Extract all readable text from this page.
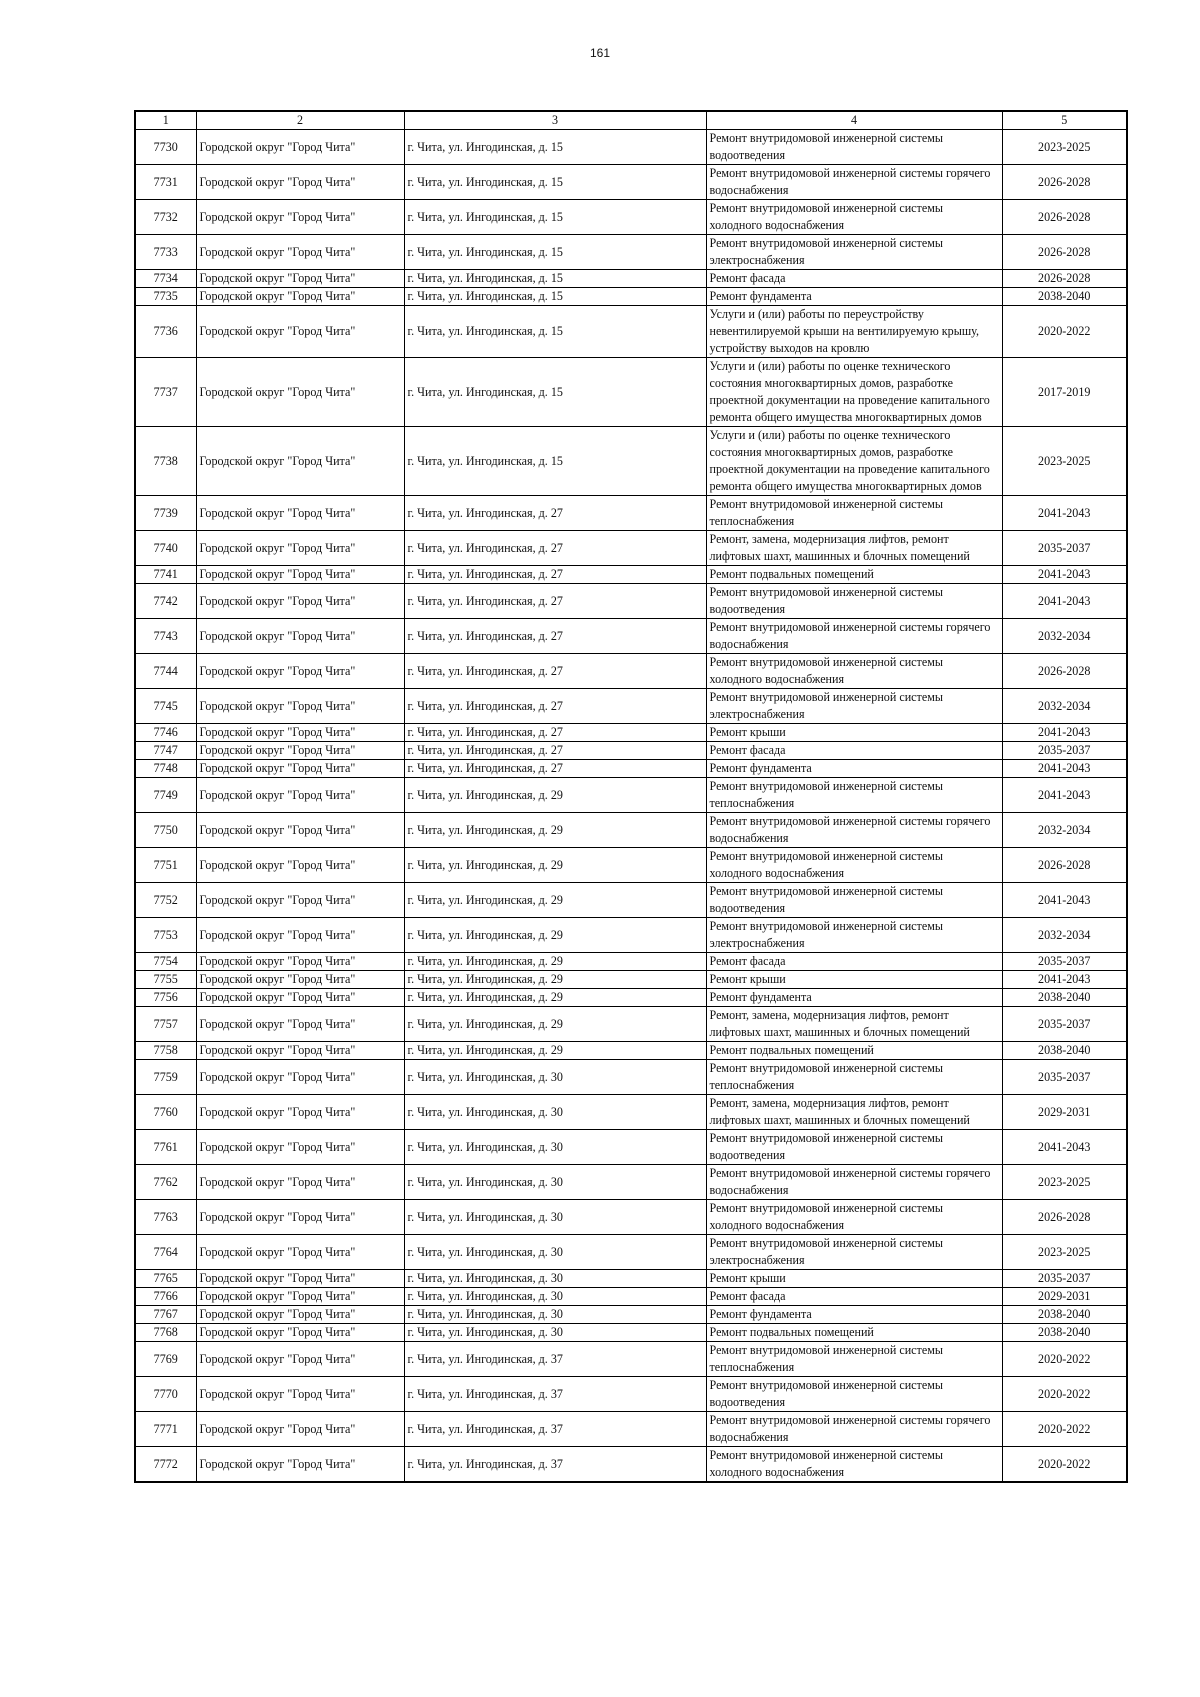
161
1	2	3	4	5
7730	Городской округ "Город Чита"	г. Чита, ул. Ингодинская, д. 15	Ремонт внутридомовой инженерной системы водоотведения	2023-2025
7731	Городской округ "Город Чита"	г. Чита, ул. Ингодинская, д. 15	Ремонт внутридомовой инженерной системы горячего водоснабжения	2026-2028
7732	Городской округ "Город Чита"	г. Чита, ул. Ингодинская, д. 15	Ремонт внутридомовой инженерной системы холодного водоснабжения	2026-2028
7733	Городской округ "Город Чита"	г. Чита, ул. Ингодинская, д. 15	Ремонт внутридомовой инженерной системы электроснабжения	2026-2028
7734	Городской округ "Город Чита"	г. Чита, ул. Ингодинская, д. 15	Ремонт фасада	2026-2028
7735	Городской округ "Город Чита"	г. Чита, ул. Ингодинская, д. 15	Ремонт фундамента	2038-2040
7736	Городской округ "Город Чита"	г. Чита, ул. Ингодинская, д. 15	Услуги и (или) работы по переустройству невентилируемой крыши на вентилируемую крышу, устройству выходов на кровлю	2020-2022
7737	Городской округ "Город Чита"	г. Чита, ул. Ингодинская, д. 15	Услуги и (или) работы по оценке технического состояния многоквартирных домов, разработке проектной документации на проведение капитального ремонта общего имущества многоквартирных домов	2017-2019
7738	Городской округ "Город Чита"	г. Чита, ул. Ингодинская, д. 15	Услуги и (или) работы по оценке технического состояния многоквартирных домов, разработке проектной документации на проведение капитального ремонта общего имущества многоквартирных домов	2023-2025
7739	Городской округ "Город Чита"	г. Чита, ул. Ингодинская, д. 27	Ремонт внутридомовой инженерной системы теплоснабжения	2041-2043
7740	Городской округ "Город Чита"	г. Чита, ул. Ингодинская, д. 27	Ремонт, замена, модернизация лифтов, ремонт лифтовых шахт, машинных и блочных помещений	2035-2037
7741	Городской округ "Город Чита"	г. Чита, ул. Ингодинская, д. 27	Ремонт подвальных помещений	2041-2043
7742	Городской округ "Город Чита"	г. Чита, ул. Ингодинская, д. 27	Ремонт внутридомовой инженерной системы водоотведения	2041-2043
7743	Городской округ "Город Чита"	г. Чита, ул. Ингодинская, д. 27	Ремонт внутридомовой инженерной системы горячего водоснабжения	2032-2034
7744	Городской округ "Город Чита"	г. Чита, ул. Ингодинская, д. 27	Ремонт внутридомовой инженерной системы холодного водоснабжения	2026-2028
7745	Городской округ "Город Чита"	г. Чита, ул. Ингодинская, д. 27	Ремонт внутридомовой инженерной системы электроснабжения	2032-2034
7746	Городской округ "Город Чита"	г. Чита, ул. Ингодинская, д. 27	Ремонт крыши	2041-2043
7747	Городской округ "Город Чита"	г. Чита, ул. Ингодинская, д. 27	Ремонт фасада	2035-2037
7748	Городской округ "Город Чита"	г. Чита, ул. Ингодинская, д. 27	Ремонт фундамента	2041-2043
7749	Городской округ "Город Чита"	г. Чита, ул. Ингодинская, д. 29	Ремонт внутридомовой инженерной системы теплоснабжения	2041-2043
7750	Городской округ "Город Чита"	г. Чита, ул. Ингодинская, д. 29	Ремонт внутридомовой инженерной системы горячего водоснабжения	2032-2034
7751	Городской округ "Город Чита"	г. Чита, ул. Ингодинская, д. 29	Ремонт внутридомовой инженерной системы холодного водоснабжения	2026-2028
7752	Городской округ "Город Чита"	г. Чита, ул. Ингодинская, д. 29	Ремонт внутридомовой инженерной системы водоотведения	2041-2043
7753	Городской округ "Город Чита"	г. Чита, ул. Ингодинская, д. 29	Ремонт внутридомовой инженерной системы электроснабжения	2032-2034
7754	Городской округ "Город Чита"	г. Чита, ул. Ингодинская, д. 29	Ремонт фасада	2035-2037
7755	Городской округ "Город Чита"	г. Чита, ул. Ингодинская, д. 29	Ремонт крыши	2041-2043
7756	Городской округ "Город Чита"	г. Чита, ул. Ингодинская, д. 29	Ремонт фундамента	2038-2040
7757	Городской округ "Город Чита"	г. Чита, ул. Ингодинская, д. 29	Ремонт, замена, модернизация лифтов, ремонт лифтовых шахт, машинных и блочных помещений	2035-2037
7758	Городской округ "Город Чита"	г. Чита, ул. Ингодинская, д. 29	Ремонт подвальных помещений	2038-2040
7759	Городской округ "Город Чита"	г. Чита, ул. Ингодинская, д. 30	Ремонт внутридомовой инженерной системы теплоснабжения	2035-2037
7760	Городской округ "Город Чита"	г. Чита, ул. Ингодинская, д. 30	Ремонт, замена, модернизация лифтов, ремонт лифтовых шахт, машинных и блочных помещений	2029-2031
7761	Городской округ "Город Чита"	г. Чита, ул. Ингодинская, д. 30	Ремонт внутридомовой инженерной системы водоотведения	2041-2043
7762	Городской округ "Город Чита"	г. Чита, ул. Ингодинская, д. 30	Ремонт внутридомовой инженерной системы горячего водоснабжения	2023-2025
7763	Городской округ "Город Чита"	г. Чита, ул. Ингодинская, д. 30	Ремонт внутридомовой инженерной системы холодного водоснабжения	2026-2028
7764	Городской округ "Город Чита"	г. Чита, ул. Ингодинская, д. 30	Ремонт внутридомовой инженерной системы электроснабжения	2023-2025
7765	Городской округ "Город Чита"	г. Чита, ул. Ингодинская, д. 30	Ремонт крыши	2035-2037
7766	Городской округ "Город Чита"	г. Чита, ул. Ингодинская, д. 30	Ремонт фасада	2029-2031
7767	Городской округ "Город Чита"	г. Чита, ул. Ингодинская, д. 30	Ремонт фундамента	2038-2040
7768	Городской округ "Город Чита"	г. Чита, ул. Ингодинская, д. 30	Ремонт подвальных помещений	2038-2040
7769	Городской округ "Город Чита"	г. Чита, ул. Ингодинская, д. 37	Ремонт внутридомовой инженерной системы теплоснабжения	2020-2022
7770	Городской округ "Город Чита"	г. Чита, ул. Ингодинская, д. 37	Ремонт внутридомовой инженерной системы водоотведения	2020-2022
7771	Городской округ "Город Чита"	г. Чита, ул. Ингодинская, д. 37	Ремонт внутридомовой инженерной системы горячего водоснабжения	2020-2022
7772	Городской округ "Город Чита"	г. Чита, ул. Ингодинская, д. 37	Ремонт внутридомовой инженерной системы холодного водоснабжения	2020-2022
